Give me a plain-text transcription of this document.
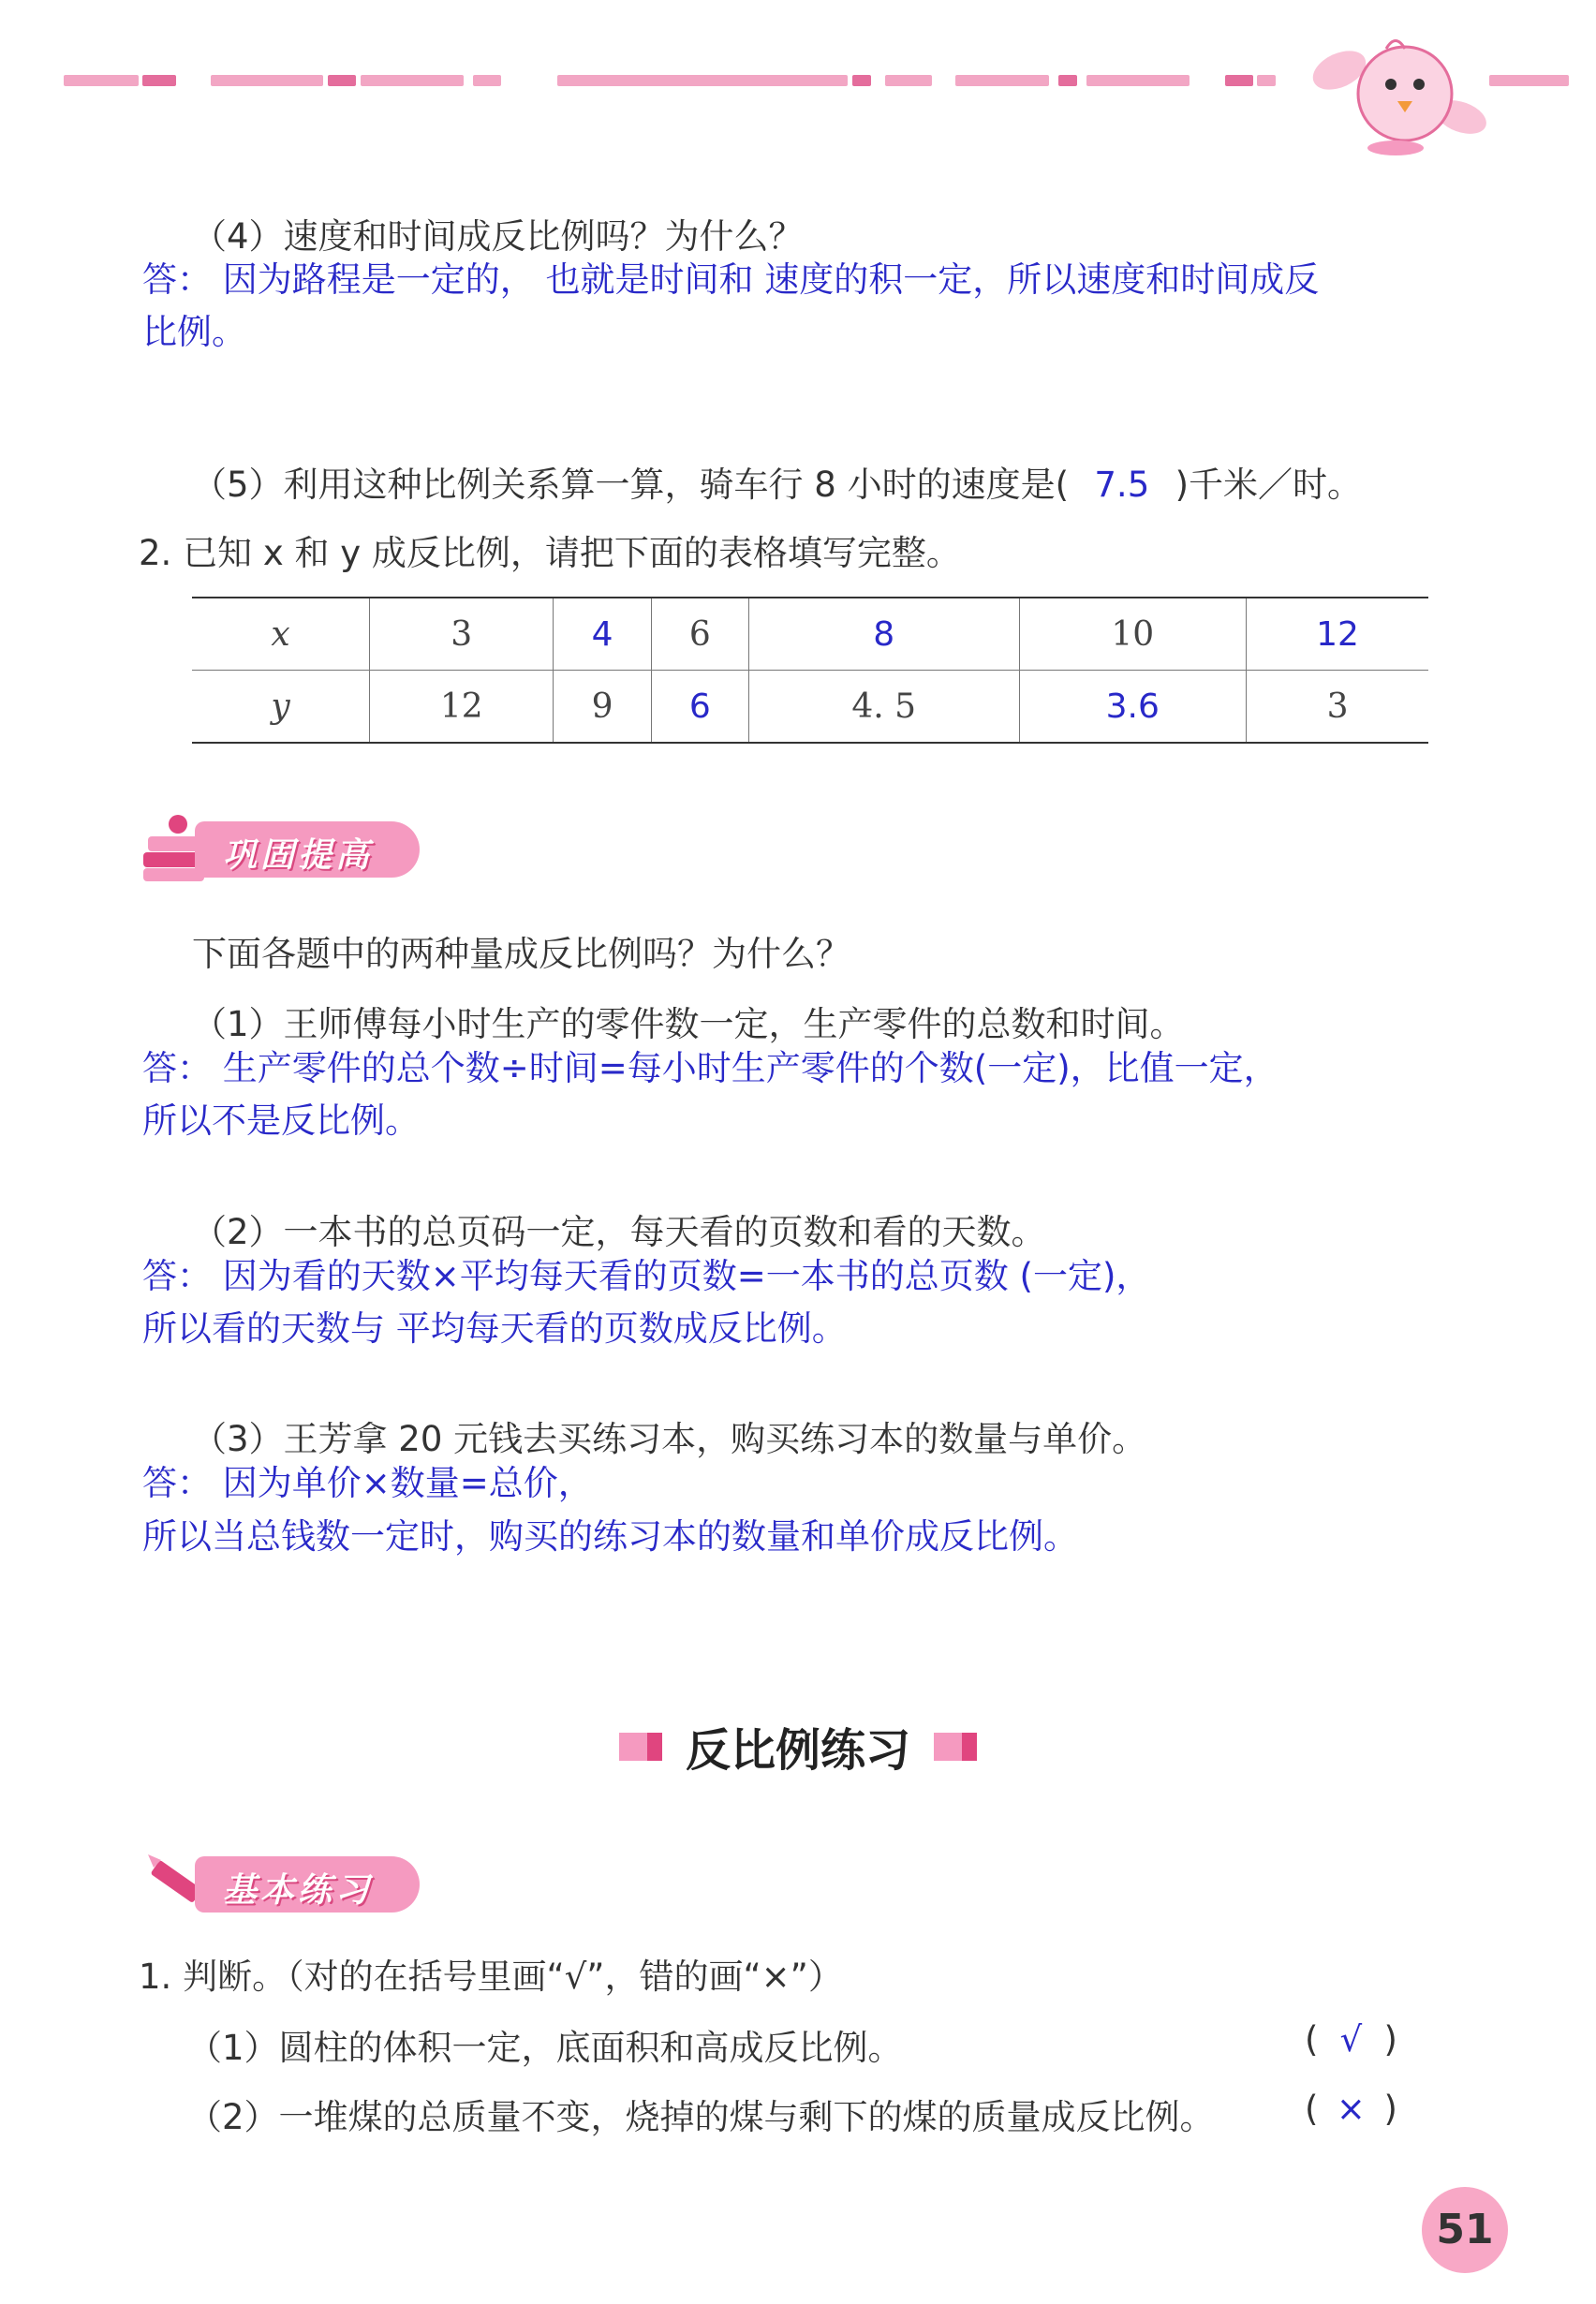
（4）速度和时间成反比例吗？为什么？
答： 因为路程是一定的， 也就是时间和 速度的积一定，所以速度和时间成反
比例。
（5）利用这种比例关系算一算，骑车行 8 小时的速度是( 7.5 )千米／时。
2. 已知 x 和 y 成反比例，请把下面的表格填写完整。
x	3	4	6	8	10	12
y	12	9	6	4. 5	3.6	3
巩固提高
下面各题中的两种量成反比例吗？为什么？
（1）王师傅每小时生产的零件数一定，生产零件的总数和时间。
答： 生产零件的总个数÷时间=每小时生产零件的个数(一定)，比值一定，
所以不是反比例。
（2）一本书的总页码一定，每天看的页数和看的天数。
答： 因为看的天数×平均每天看的页数=一本书的总页数 (一定)，
所以看的天数与 平均每天看的页数成反比例。
（3）王芳拿 20 元钱去买练习本，购买练习本的数量与单价。
答： 因为单价×数量=总价，
所以当总钱数一定时，购买的练习本的数量和单价成反比例。
反比例练习
基本练习
1. 判断。（对的在括号里画“√”，错的画“×”）
（1）圆柱的体积一定，底面积和高成反比例。	( √ )
（2）一堆煤的总质量不变，烧掉的煤与剩下的煤的质量成反比例。	( × )
51
